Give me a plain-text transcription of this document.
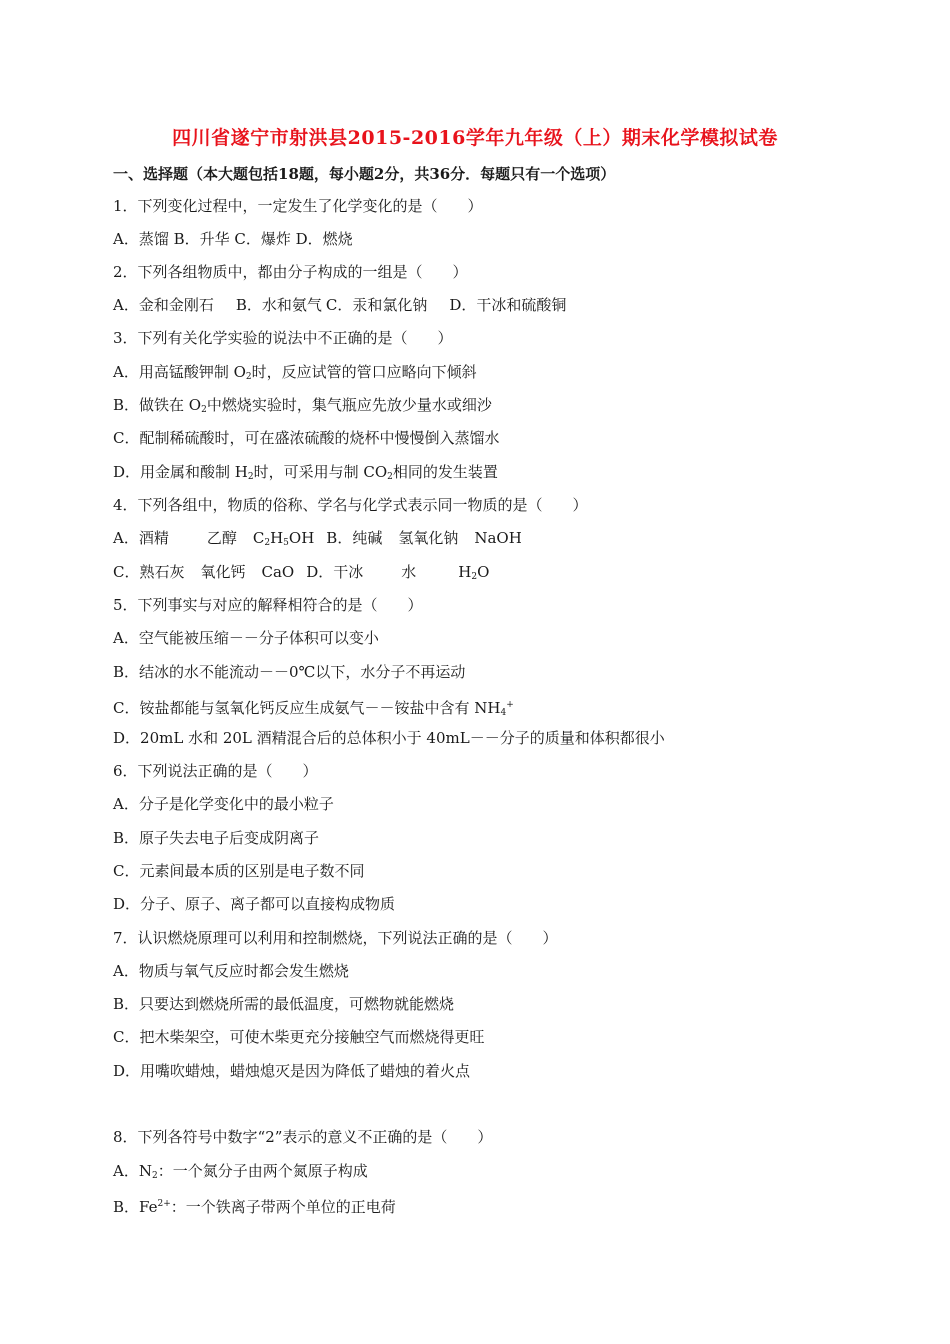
四川省遂宁市射洪县2015-2016学年九年级（上）期末化学模拟试卷
一、选择题（本大题包括18题，每小题2分，共36分．每题只有一个选项）
1．下列变化过程中，一定发生了化学变化的是（　　）
A．蒸馏 B．升华 C．爆炸 D．燃烧
2．下列各组物质中，都由分子构成的一组是（　　）
A．金和金刚石 B．水和氨气 C．汞和氯化钠 D．干冰和硫酸铜
3．下列有关化学实验的说法中不正确的是（　　）
A．用高锰酸钾制 $O_2$时，反应试管的管口应略向下倾斜
B．做铁在 $O_2$中燃烧实验时，集气瓶应先放少量水或细沙
C．配制稀硫酸时，可在盛浓硫酸的烧杯中慢慢倒入蒸馏水
D．用金属和酸制 $H_2$时，可采用与制 $CO_2$相同的发生装置
4．下列各组中，物质的俗称、学名与化学式表示同一物质的是（　　）
A．酒精	乙醇 $C_2H_5OH$ B．纯碱 氢氧化钠 NaOH
C．熟石灰 氧化钙 CaO D．干冰	水	$H_2O$
5．下列事实与对应的解释相符合的是（　　）
A．空气能被压缩－－分子体积可以变小
B．结冰的水不能流动－－0℃以下，水分子不再运动
C．铵盐都能与氢氧化钙反应生成氨气－－铵盐中含有 $NH_4^+$
D．20mL 水和 20L 酒精混合后的总体积小于 40mL－－分子的质量和体积都很小
6．下列说法正确的是（　　）
A．分子是化学变化中的最小粒子
B．原子失去电子后变成阴离子
C．元素间最本质的区别是电子数不同
D．分子、原子、离子都可以直接构成物质
7．认识燃烧原理可以利用和控制燃烧，下列说法正确的是（　　）
A．物质与氧气反应时都会发生燃烧
B．只要达到燃烧所需的最低温度，可燃物就能燃烧
C．把木柴架空，可使木柴更充分接触空气而燃烧得更旺
D．用嘴吹蜡烛，蜡烛熄灭是因为降低了蜡烛的着火点
8．下列各符号中数字“2”表示的意义不正确的是（　　）
A．$N_2$：一个氮分子由两个氮原子构成
B．$Fe^{2+}$：一个铁离子带两个单位的正电荷
